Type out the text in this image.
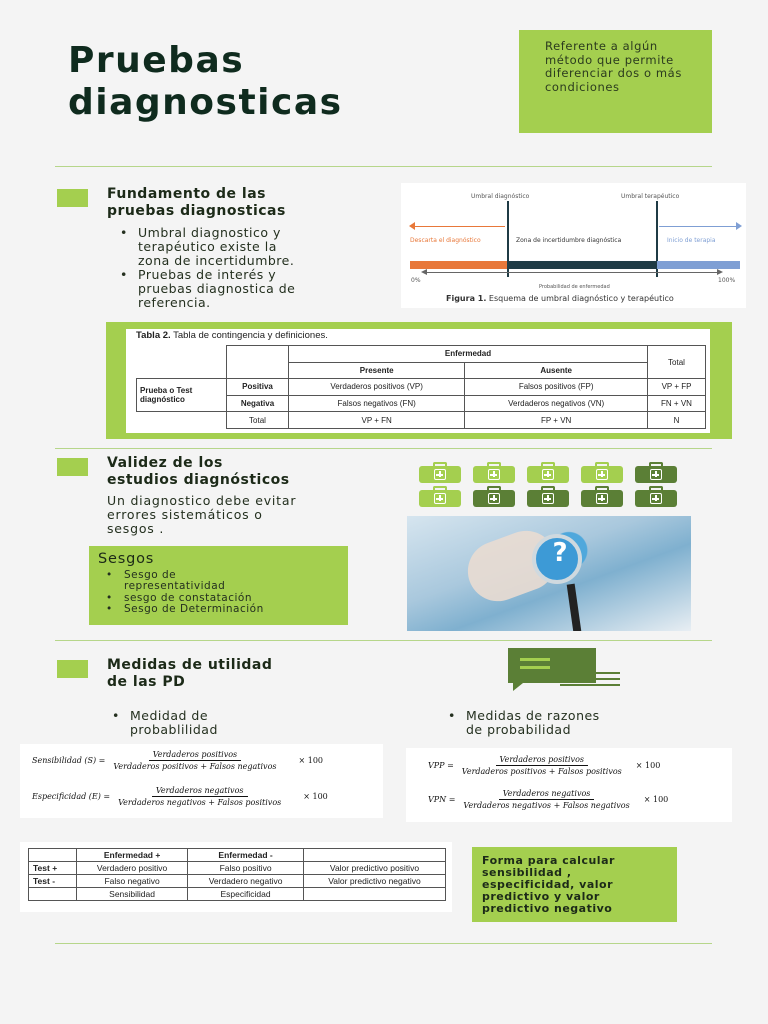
Pruebas
diagnosticas
Referente a algún método que permite diferenciar dos o más condiciones
Fundamento de las
pruebas diagnosticas
• Umbral diagnostico y
terapéutico existe la
zona de incertidumbre.
• Pruebas de interés y
pruebas diagnostica de
referencia.
Umbral diagnóstico	Umbral terapéutico
Descarta el diagnóstico	Zona de incertidumbre diagnóstica	Inicio de terapia
0%	100%
Probabilidad de enfermedad
Figura 1. Esquema de umbral diagnóstico y terapéutico
Tabla 2. Tabla de contingencia y definiciones.
		Enfermedad		Total
		Presente	Ausente	
Prueba o Test diagnóstico	Positiva	Verdaderos positivos (VP)	Falsos positivos (FP)	VP + FP
	Negativa	Falsos negativos (FN)	Verdaderos negativos (VN)	FN + VN
	Total	VP + FN	FP + VN	N
Validez de los
estudios diagnósticos
Un diagnostico debe evitar
errores sistemáticos o
sesgos .
Sesgos
• Sesgo de
representatividad
• sesgo de constatación
• Sesgo de Determinación
?
Medidas de utilidad
de las PD
• Medidad de
probablilidad
• Medidas de razones
de probabilidad
Sensibilidad $(S) = \frac{\text{Verdaderos positivos}}{\text{Verdaderos positivos + Falsos negativos}} \times 100$
Especificidad $(E) = \frac{\text{Verdaderos negativos}}{\text{Verdaderos negativos + Falsos positivos}} \times 100$
VPP = $\frac{\text{Verdaderos positivos}}{\text{Verdaderos positivos + Falsos positivos}} \times 100$
VPN = $\frac{\text{Verdaderos negativos}}{\text{Verdaderos negativos + Falsos negativos}} \times 100$
	Enfermedad +	Enfermedad -	
Test +	Verdadero positivo	Falso positivo	Valor predictivo positivo
Test -	Falso negativo	Verdadero negativo	Valor predictivo negativo
	Sensibilidad	Especificidad	
Forma para calcular sensibilidad , especificidad, valor predictivo y valor predictivo negativo
